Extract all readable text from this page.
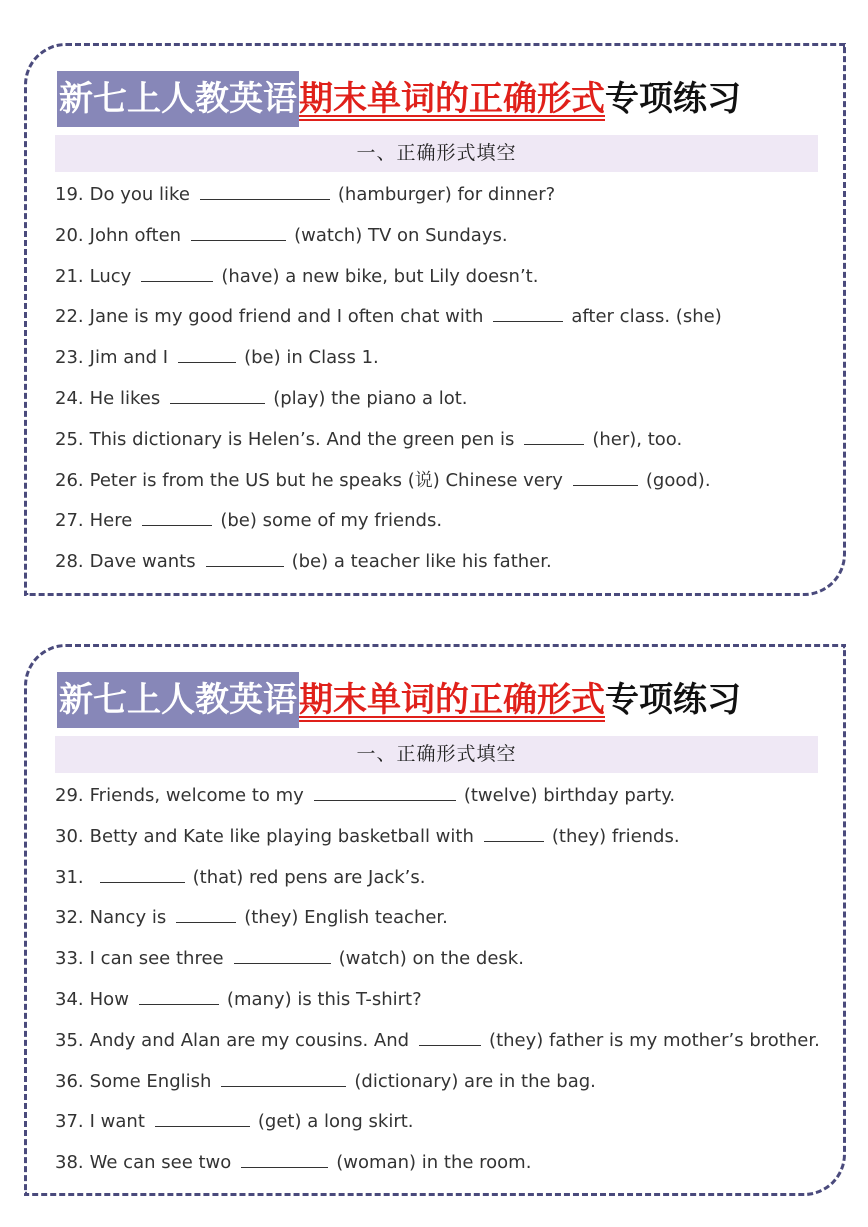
新七上人教英语期末单词的正确形式专项练习
一、正确形式填空
19. Do you like	(hamburger) for dinner?
20. John often	(watch) TV on Sundays.
21. Lucy	(have) a new bike, but Lily doesn’t.
22. Jane is my good friend and I often chat with	after class. (she)
23. Jim and I	(be) in Class 1.
24. He likes	(play) the piano a lot.
25. This dictionary is Helen’s. And the green pen is	(her), too.
26. Peter is from the US but he speaks (说) Chinese very	(good).
27. Here	(be) some of my friends.
28. Dave wants	(be) a teacher like his father.
新七上人教英语期末单词的正确形式专项练习
一、正确形式填空
29. Friends, welcome to my	(twelve) birthday party.
30. Betty and Kate like playing basketball with	(they) friends.
31.	(that) red pens are Jack’s.
32. Nancy is	(they) English teacher.
33. I can see three	(watch) on the desk.
34. How	(many) is this T-shirt?
35. Andy and Alan are my cousins. And	(they) father is my mother’s brother.
36. Some English	(dictionary) are in the bag.
37. I want	(get) a long skirt.
38. We can see two	(woman) in the room.
